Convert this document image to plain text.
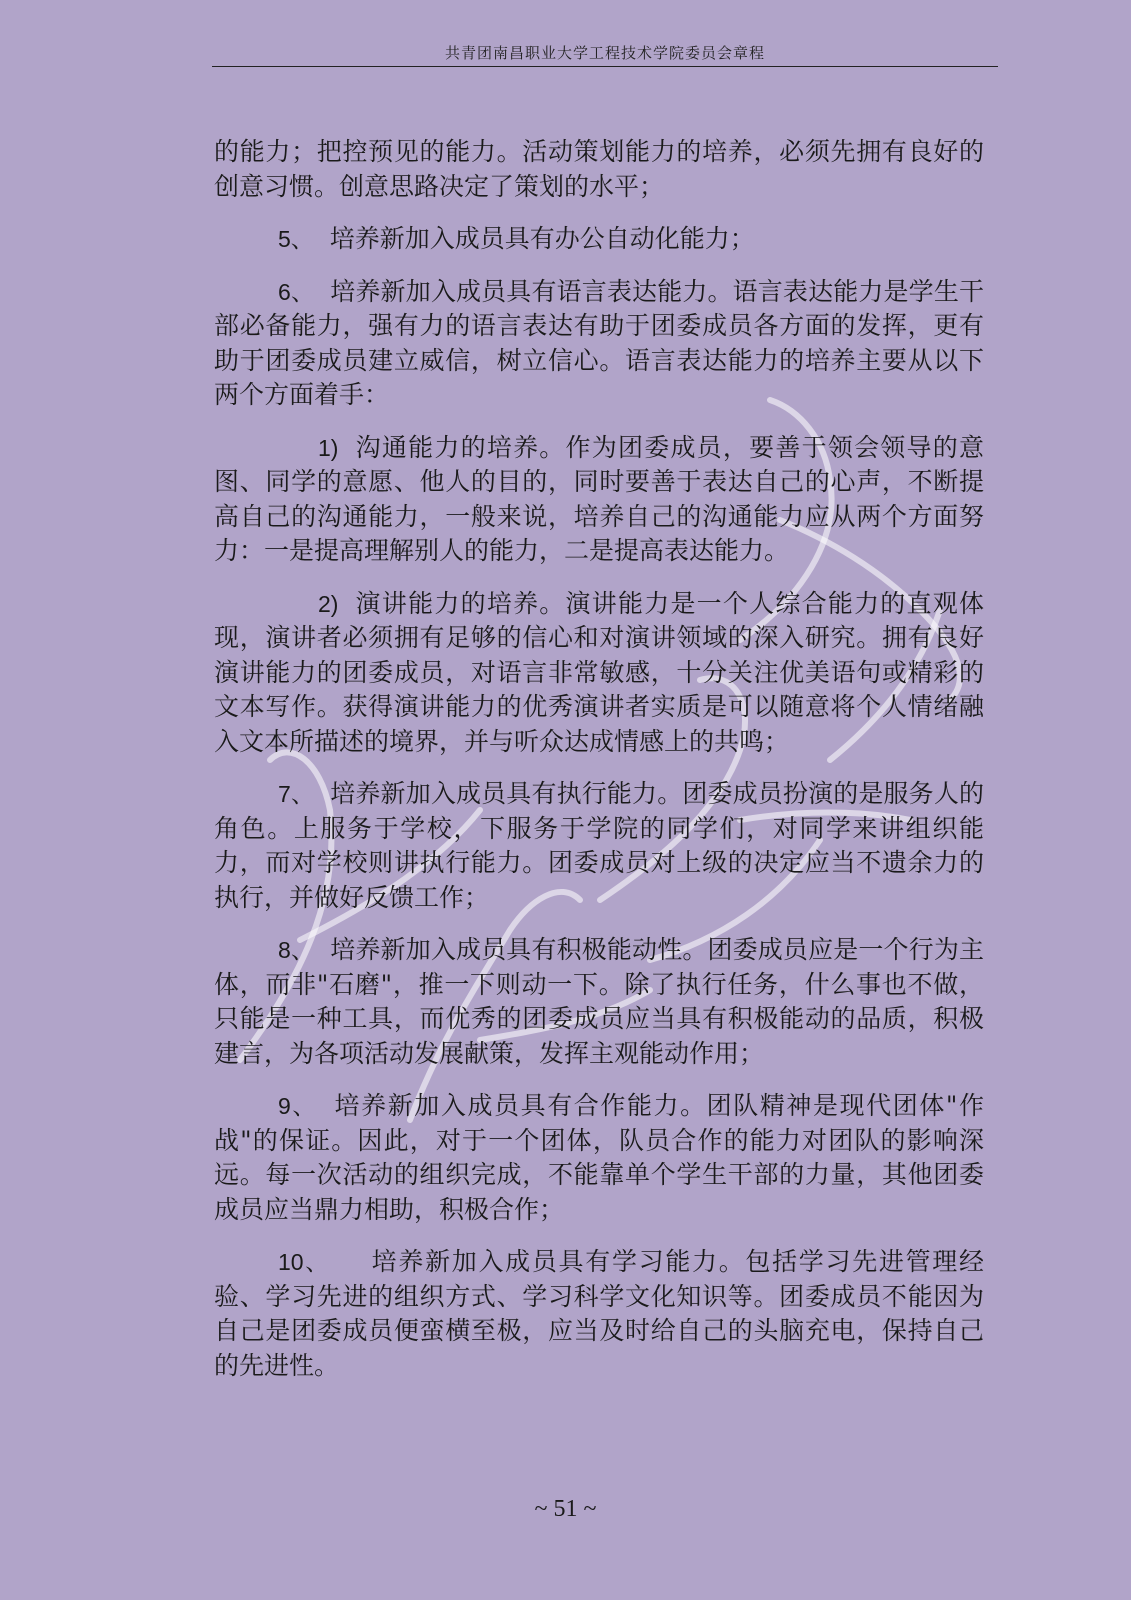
共青团南昌职业大学工程技术学院委员会章程

的能力；把控预见的能力。活动策划能力的培养，必须先拥有良好的创意习惯。创意思路决定了策划的水平；

5、 培养新加入成员具有办公自动化能力；

6、 培养新加入成员具有语言表达能力。语言表达能力是学生干部必备能力，强有力的语言表达有助于团委成员各方面的发挥，更有助于团委成员建立威信，树立信心。语言表达能力的培养主要从以下两个方面着手：

1) 沟通能力的培养。作为团委成员，要善于领会领导的意图、同学的意愿、他人的目的，同时要善于表达自己的心声，不断提高自己的沟通能力，一般来说，培养自己的沟通能力应从两个方面努力：一是提高理解别人的能力，二是提高表达能力。

2) 演讲能力的培养。演讲能力是一个人综合能力的直观体现，演讲者必须拥有足够的信心和对演讲领域的深入研究。拥有良好演讲能力的团委成员，对语言非常敏感，十分关注优美语句或精彩的文本写作。获得演讲能力的优秀演讲者实质是可以随意将个人情绪融入文本所描述的境界，并与听众达成情感上的共鸣；

7、 培养新加入成员具有执行能力。团委成员扮演的是服务人的角色。上服务于学校，下服务于学院的同学们，对同学来讲组织能力，而对学校则讲执行能力。团委成员对上级的决定应当不遗余力的执行，并做好反馈工作；

8、 培养新加入成员具有积极能动性。团委成员应是一个行为主体，而非"石磨"，推一下则动一下。除了执行任务，什么事也不做，只能是一种工具，而优秀的团委成员应当具有积极能动的品质，积极建言，为各项活动发展献策，发挥主观能动作用；

9、 培养新加入成员具有合作能力。团队精神是现代团体"作战"的保证。因此，对于一个团体，队员合作的能力对团队的影响深远。每一次活动的组织完成，不能靠单个学生干部的力量，其他团委成员应当鼎力相助，积极合作；

10、 培养新加入成员具有学习能力。包括学习先进管理经验、学习先进的组织方式、学习科学文化知识等。团委成员不能因为自己是团委成员便蛮横至极，应当及时给自己的头脑充电，保持自己的先进性。

~ 51 ~
